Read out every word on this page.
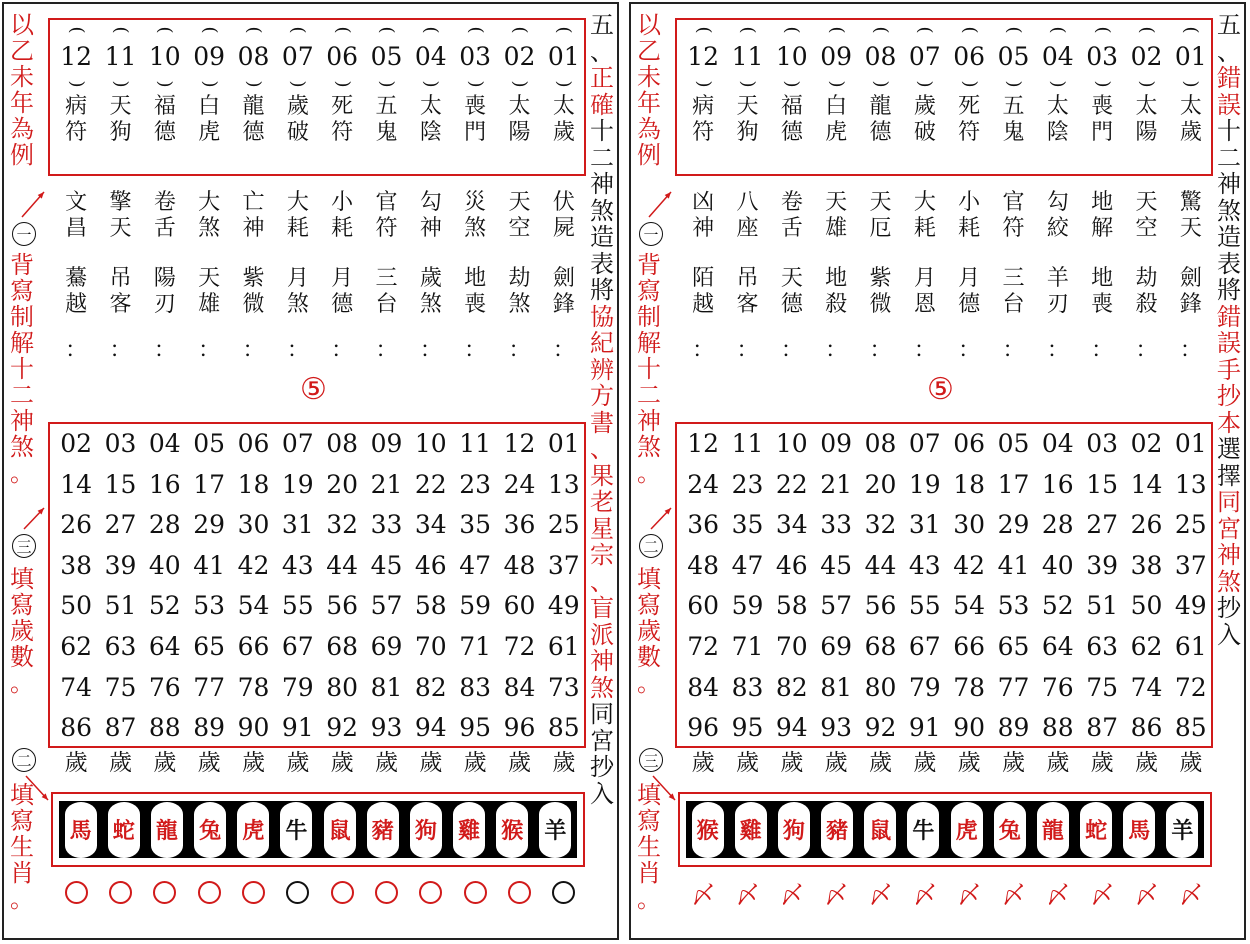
以
乙
未
年
為
例
一
背
寫
制
解
十
二
神
煞
。
三
填
寫
歲
數
。
二
填
寫
生
肖
。
五
、
正
確
十
二
神
煞
造
表
將
協
紀
辨
方
書
、
果
老
星
宗
、
盲
派
神
煞
同
宮
抄
入
(
12
)
病
符
(
11
)
天
狗
(
10
)
福
德
(
09
)
白
虎
(
08
)
龍
德
(
07
)
歲
破
(
06
)
死
符
(
05
)
五
鬼
(
04
)
太
陰
(
03
)
喪
門
(
02
)
太
陽
(
01
)
太
歲
文
昌
擎
天
卷
舌
大
煞
亡
神
大
耗
小
耗
官
符
勾
神
災
煞
天
空
伏
屍
驀
越
吊
客
陽
刃
天
雄
紫
微
月
煞
月
德
三
台
歲
煞
地
喪
劫
煞
劍
鋒
： ： ： ： ： ： ： ： ： ： ： ：
⑤
02 03 04 05 06 07 08 09 10 11 12 01
14 15 16 17 18 19 20 21 22 23 24 13
26 27 28 29 30 31 32 33 34 35 36 25
38 39 40 41 42 43 44 45 46 47 48 37
50 51 52 53 54 55 56 57 58 59 60 49
62 63 64 65 66 67 68 69 70 71 72 61
74 75 76 77 78 79 80 81 82 83 84 73
86 87 88 89 90 91 92 93 94 95 96 85
歲 歲 歲 歲 歲 歲 歲 歲 歲 歲 歲 歲
馬 蛇 龍 兔 虎 牛 鼠 豬 狗 雞 猴 羊
以
乙
未
年
為
例
一
背
寫
制
解
十
二
神
煞
。
二
填
寫
歲
數
。
三
填
寫
生
肖
。
五
、
錯
誤
十
二
神
煞
造
表
將
錯
誤
手
抄
本
選
擇
同
宮
神
煞
抄
入
(
12
)
病
符
(
11
)
天
狗
(
10
)
福
德
(
09
)
白
虎
(
08
)
龍
德
(
07
)
歲
破
(
06
)
死
符
(
05
)
五
鬼
(
04
)
太
陰
(
03
)
喪
門
(
02
)
太
陽
(
01
)
太
歲
凶
神
八
座
卷
舌
天
雄
天
厄
大
耗
小
耗
官
符
勾
絞
地
解
天
空
驚
天
陌
越
吊
客
天
德
地
殺
紫
微
月
恩
月
德
三
台
羊
刃
地
喪
劫
殺
劍
鋒
： ： ： ： ： ： ： ： ： ： ： ：
⑤
12 11 10 09 08 07 06 05 04 03 02 01
24 23 22 21 20 19 18 17 16 15 14 13
36 35 34 33 32 31 30 29 28 27 26 25
48 47 46 45 44 43 42 41 40 39 38 37
60 59 58 57 56 55 54 53 52 51 50 49
72 71 70 69 68 67 66 65 64 63 62 61
84 83 82 81 80 79 78 77 76 75 74 72
96 95 94 93 92 91 90 89 88 87 86 85
歲 歲 歲 歲 歲 歲 歲 歲 歲 歲 歲 歲
猴 雞 狗 豬 鼠 牛 虎 兔 龍 蛇 馬 羊
〆 〆 〆 〆 〆 〆 〆 〆 〆 〆 〆 〆
